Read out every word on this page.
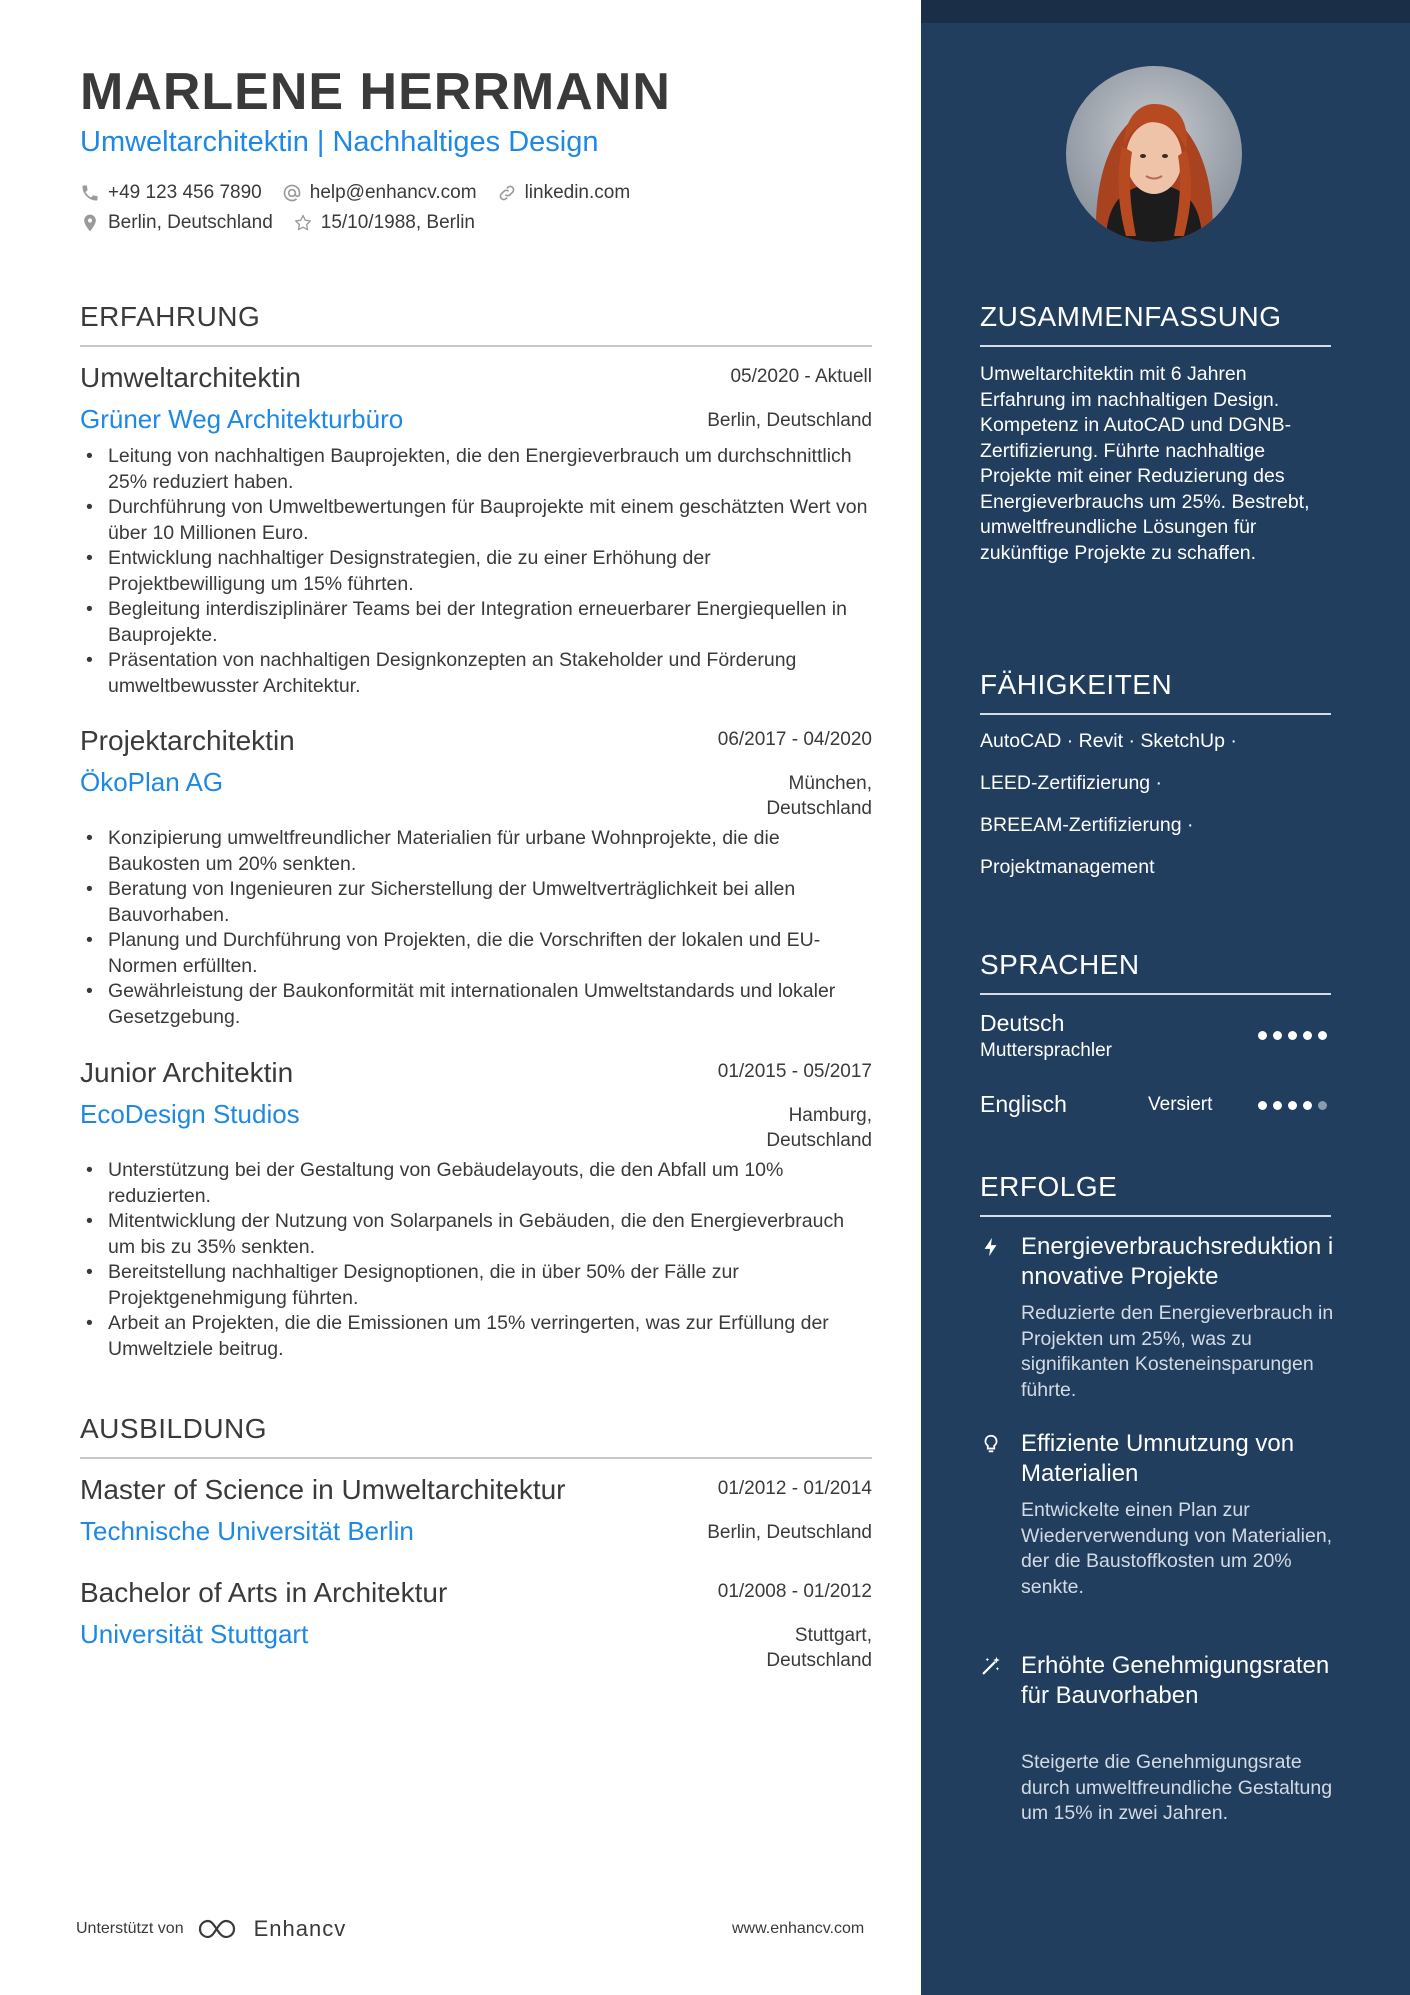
MARLENE HERRMANN
Umweltarchitektin | Nachhaltiges Design
+49 123 456 7890	help@enhancv.com	linkedin.com
Berlin, Deutschland	15/10/1988, Berlin
ERFAHRUNG
Umweltarchitektin	05/2020 - Aktuell
Grüner Weg Architekturbüro	Berlin, Deutschland
• Leitung von nachhaltigen Bauprojekten, die den Energieverbrauch um durchschnittlich 25% reduziert haben.
• Durchführung von Umweltbewertungen für Bauprojekte mit einem geschätzten Wert von über 10 Millionen Euro.
• Entwicklung nachhaltiger Designstrategien, die zu einer Erhöhung der Projektbewilligung um 15% führten.
• Begleitung interdisziplinärer Teams bei der Integration erneuerbarer Energiequellen in Bauprojekte.
• Präsentation von nachhaltigen Designkonzepten an Stakeholder und Förderung umweltbewusster Architektur.
Projektarchitektin	06/2017 - 04/2020
ÖkoPlan AG	München,
Deutschland
• Konzipierung umweltfreundlicher Materialien für urbane Wohnprojekte, die die Baukosten um 20% senkten.
• Beratung von Ingenieuren zur Sicherstellung der Umweltverträglichkeit bei allen Bauvorhaben.
• Planung und Durchführung von Projekten, die die Vorschriften der lokalen und EU-Normen erfüllten.
• Gewährleistung der Baukonformität mit internationalen Umweltstandards und lokaler Gesetzgebung.
Junior Architektin	01/2015 - 05/2017
EcoDesign Studios	Hamburg,
Deutschland
• Unterstützung bei der Gestaltung von Gebäudelayouts, die den Abfall um 10% reduzierten.
• Mitentwicklung der Nutzung von Solarpanels in Gebäuden, die den Energieverbrauch um bis zu 35% senkten.
• Bereitstellung nachhaltiger Designoptionen, die in über 50% der Fälle zur Projektgenehmigung führten.
• Arbeit an Projekten, die die Emissionen um 15% verringerten, was zur Erfüllung der Umweltziele beitrug.
AUSBILDUNG
Master of Science in Umweltarchitektur	01/2012 - 01/2014
Technische Universität Berlin	Berlin, Deutschland
Bachelor of Arts in Architektur	01/2008 - 01/2012
Universität Stuttgart	Stuttgart,
Deutschland
Unterstützt von	Enhancv	www.enhancv.com
ZUSAMMENFASSUNG
Umweltarchitektin mit 6 Jahren Erfahrung im nachhaltigen Design. Kompetenz in AutoCAD und DGNB-Zertifizierung. Führte nachhaltige Projekte mit einer Reduzierung des Energieverbrauchs um 25%. Bestrebt, umweltfreundliche Lösungen für zukünftige Projekte zu schaffen.
FÄHIGKEITEN
AutoCAD · Revit · SketchUp ·
LEED-Zertifizierung ·
BREEAM-Zertifizierung ·
Projektmanagement
SPRACHEN
Deutsch
Muttersprachler
Englisch	Versiert
ERFOLGE
Energieverbrauchsreduktion innovative Projekte
Reduzierte den Energieverbrauch in Projekten um 25%, was zu signifikanten Kosteneinsparungen führte.
Effiziente Umnutzung von Materialien
Entwickelte einen Plan zur Wiederverwendung von Materialien, der die Baustoffkosten um 20% senkte.
Erhöhte Genehmigungsraten für Bauvorhaben
Steigerte die Genehmigungsrate durch umweltfreundliche Gestaltung um 15% in zwei Jahren.
